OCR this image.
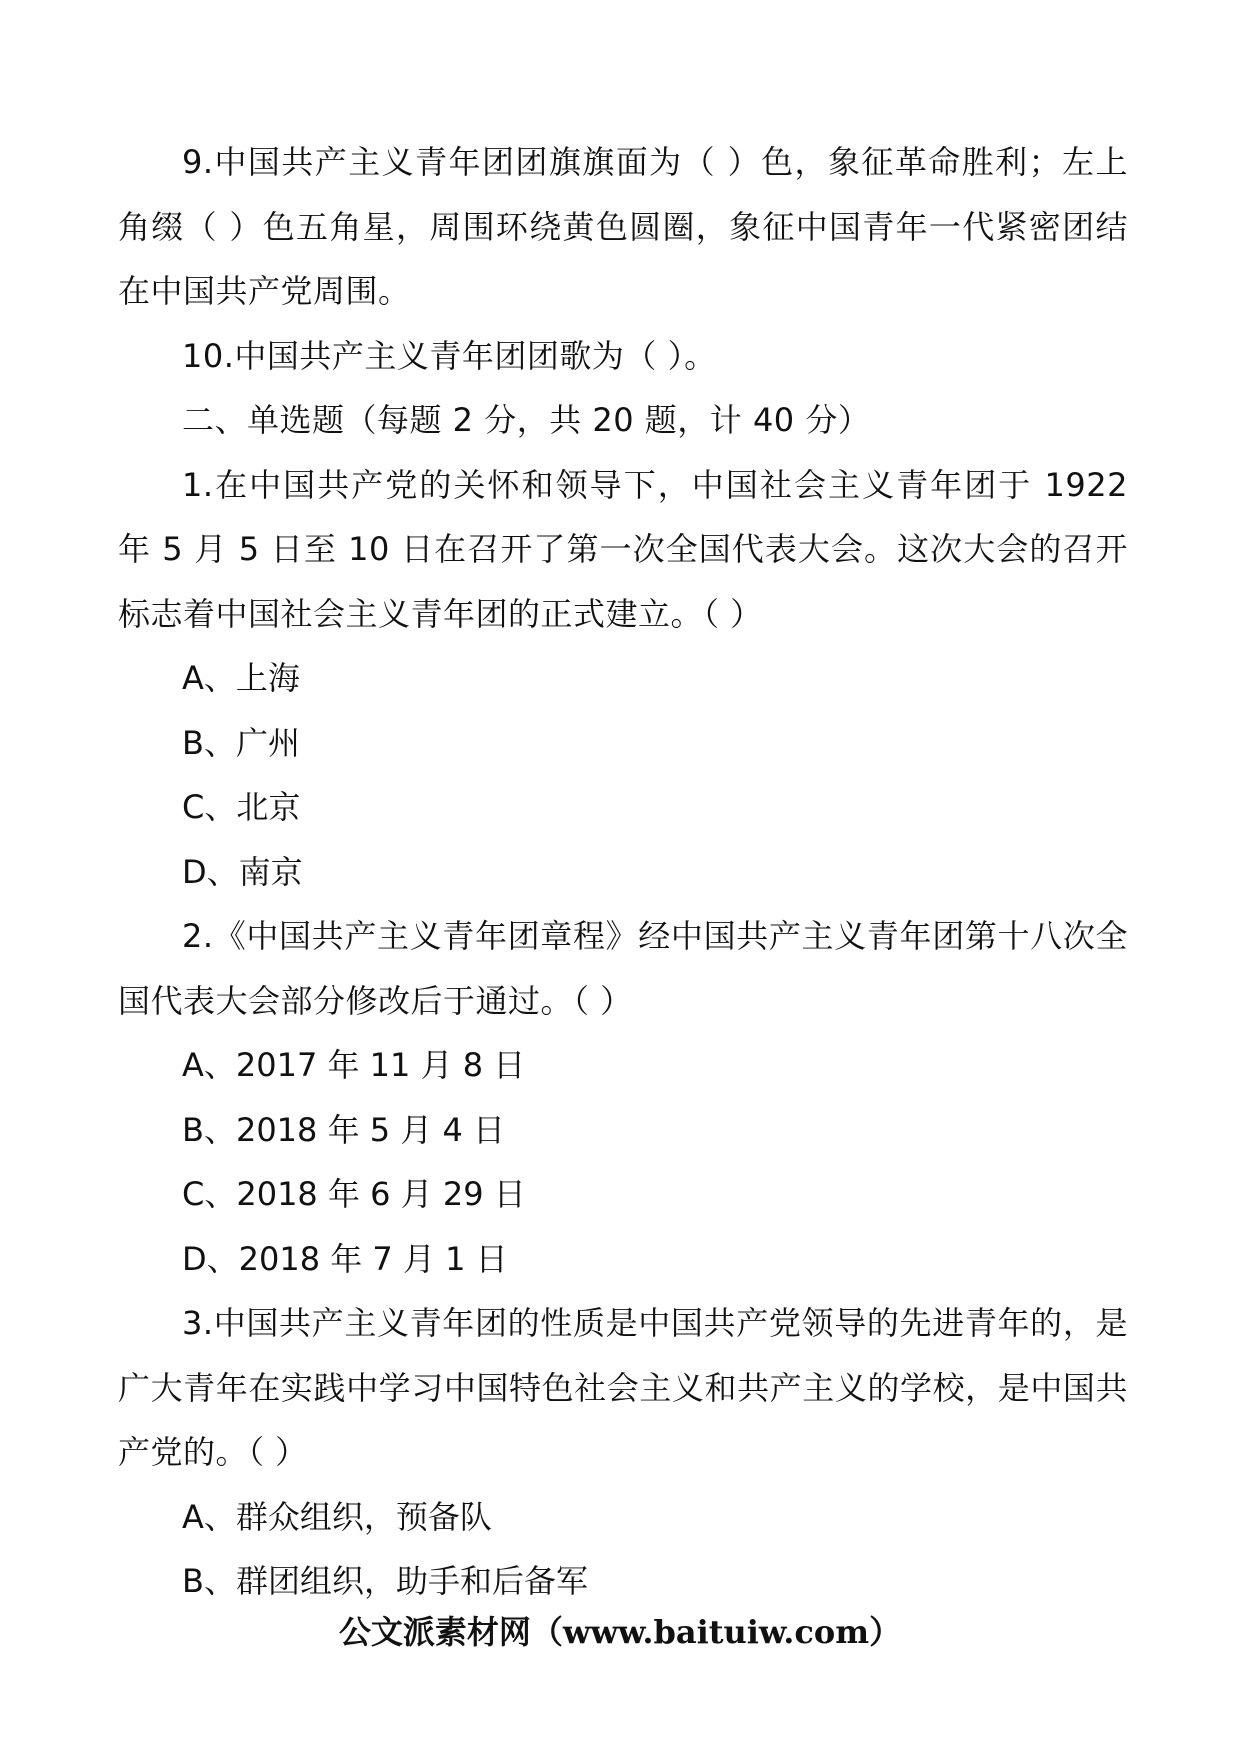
9.中国共产主义青年团团旗旗面为（ ）色，象征革命胜利；左上角缀（ ）色五角星，周围环绕黄色圆圈，象征中国青年一代紧密团结在中国共产党周围。

10.中国共产主义青年团团歌为（ ）。

二、单选题（每题 2 分，共 20 题，计 40 分）

1.在中国共产党的关怀和领导下，中国社会主义青年团于 1922 年 5 月 5 日至 10 日在召开了第一次全国代表大会。这次大会的召开标志着中国社会主义青年团的正式建立。（ ）

A、上海

B、广州

C、北京

D、南京

2.《中国共产主义青年团章程》经中国共产主义青年团第十八次全国代表大会部分修改后于通过。（ ）

A、2017 年 11 月 8 日

B、2018 年 5 月 4 日

C、2018 年 6 月 29 日

D、2018 年 7 月 1 日

3.中国共产主义青年团的性质是中国共产党领导的先进青年的，是广大青年在实践中学习中国特色社会主义和共产主义的学校，是中国共产党的。（ ）

A、群众组织，预备队

B、群团组织，助手和后备军

公文派素材网（www.baituiw.com）
